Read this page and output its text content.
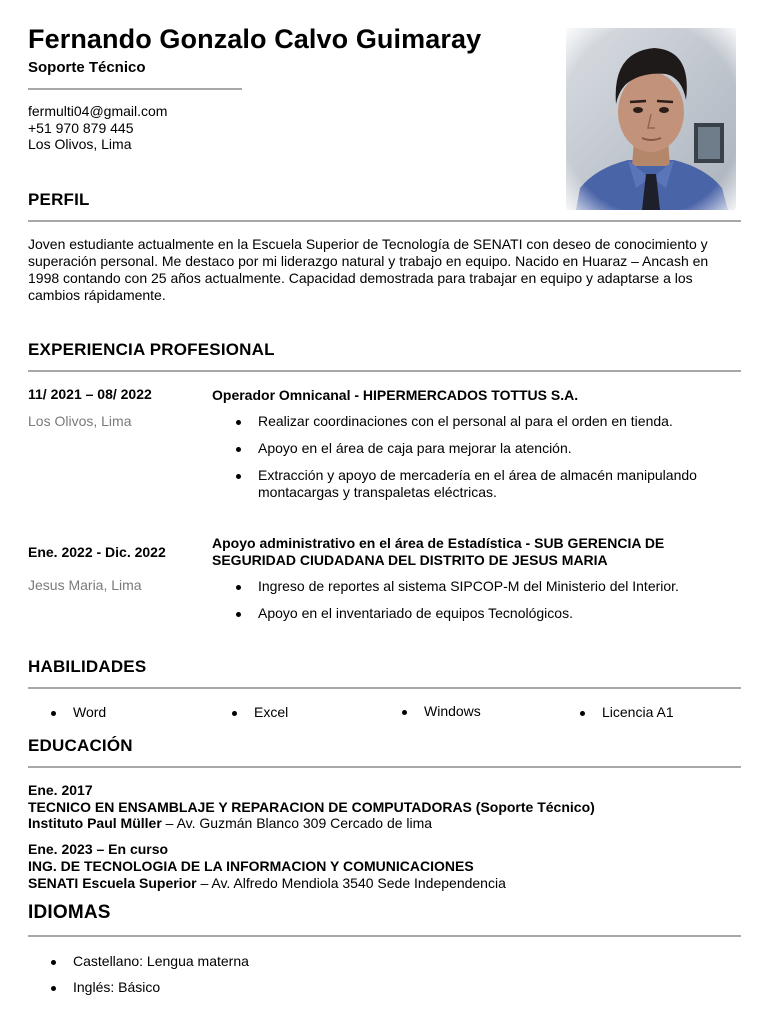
Fernando Gonzalo Calvo Guimaray
Soporte Técnico
fermulti04@gmail.com
+51 970 879 445
Los Olivos, Lima
PERFIL
Joven estudiante actualmente en la Escuela Superior de Tecnología de SENATI con deseo de conocimiento y superación personal. Me destaco por mi liderazgo natural y trabajo en equipo. Nacido en Huaraz – Ancash en 1998 contando con 25 años actualmente. Capacidad demostrada para trabajar en equipo y adaptarse a los cambios rápidamente.
EXPERIENCIA PROFESIONAL
11/ 2021 – 08/ 2022
Los Olivos, Lima
Operador Omnicanal - HIPERMERCADOS TOTTUS S.A.
Realizar coordinaciones con el personal al para el orden en tienda.
Apoyo en el área de caja para mejorar la atención.
Extracción y apoyo de mercadería en el área de almacén manipulando montacargas y transpaletas eléctricas.
Ene. 2022 - Dic. 2022
Jesus Maria, Lima
Apoyo administrativo en el área de Estadística - SUB GERENCIA DE SEGURIDAD CIUDADANA DEL DISTRITO DE JESUS MARIA
Ingreso de reportes al sistema SIPCOP-M del Ministerio del Interior.
Apoyo en el inventariado de equipos Tecnológicos.
HABILIDADES
Word	Excel	Windows	Licencia A1
EDUCACIÓN
Ene. 2017
TECNICO EN ENSAMBLAJE Y REPARACION DE COMPUTADORAS (Soporte Técnico)
Instituto Paul Müller – Av. Guzmán Blanco 309 Cercado de lima
Ene. 2023 – En curso
ING. DE TECNOLOGIA DE LA INFORMACION Y COMUNICACIONES
SENATI Escuela Superior – Av. Alfredo Mendiola 3540 Sede Independencia
IDIOMAS
Castellano: Lengua materna
Inglés: Básico
